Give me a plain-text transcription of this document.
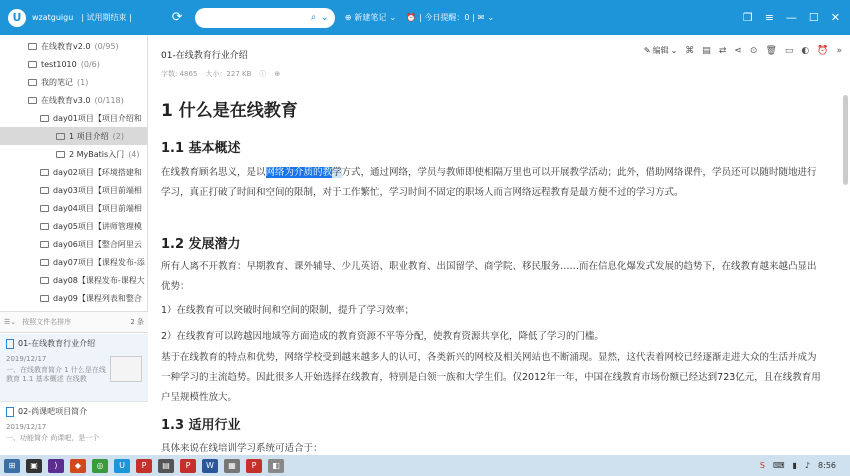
U wzatguigu | 试用期结束 |	⟳	⌕ ⌄ ⊕ 新建笔记 ⌄ ⏰ | 今日提醒：0 | ✉ ⌄	❐ ≡ — ☐ ✕
在线教育v2.0 (0/95)
test1010 (0/6)
我的笔记 (1)
在线教育v3.0 (0/118)
day01项目【项目介绍和
1 项目介绍 (2)
2 MyBatis入门 (4)
day02项目【环境搭建和
day03项目【项目前端相
day04项目【项目前端相
day05项目【讲师管理模
day06项目【整合阿里云
day07项目【课程发布-添
day08【课程发布-课程大
day09【课程列表和整合
☰⌄ 按照文件名排序	2 条
01-在线教育行业介绍
2019/12/17
一、在线教育简介 1 什么是在线教育 1.1 基本概述 在线教
02-尚课吧项目简介
2019/12/17
一、功能简介 尚课吧，是一个
01-在线教育行业介绍
字数: 4865 大小：227 KB ⓘ ⊕
✎ 编辑 ⌄ ⌘ ▤ ⇄ ⋖ ⊙ 🗑 ▭ ◐ ⏰ »
1 什么是在线教育
1.1 基本概述
在线教育顾名思义，是以网络为介质的教学方式，通过网络，学员与教师即使相隔万里也可以开展教学活动；此外，借助网络课件，学员还可以随时随地进行学习，真正打破了时间和空间的限制，对于工作繁忙，学习时间不固定的职场人而言网络远程教育是最方便不过的学习方式。
1.2 发展潜力
所有人离不开教育：早期教育、课外辅导、少儿英语、职业教育、出国留学、商学院、移民服务……而在信息化爆发式发展的趋势下，在线教育越来越凸显出优势：
1）在线教育可以突破时间和空间的限制，提升了学习效率；
2）在线教育可以跨越因地域等方面造成的教育资源不平等分配，使教育资源共享化，降低了学习的门槛。
基于在线教育的特点和优势，网络学校受到越来越多人的认可，各类新兴的网校及相关网站也不断涌现。显然，这代表着网校已经逐渐走进大众的生活并成为一种学习的主流趋势。因此很多人开始选择在线教育，特别是白领一族和大学生们。仅2012年一年，中国在线教育市场份额已经达到723亿元，且在线教育用户呈规模性放大。
1.3 适用行业
具体来说在线培训学习系统可适合于：
⊞	▣	⟩	◆	◎	U	P	▤	P	W	▦	P	◧	S ⌨ ▮ ♪ 8:56
